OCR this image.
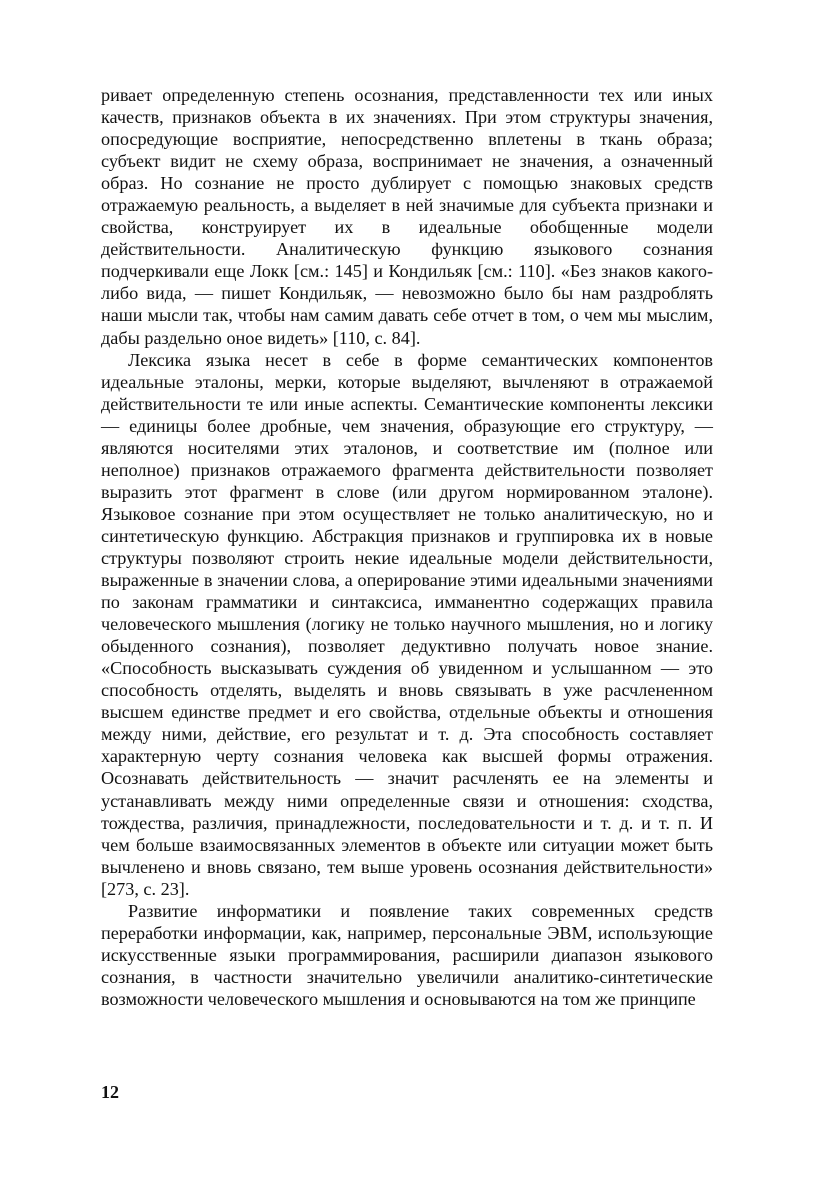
ривает определенную степень осознания, представленности тех или иных качеств, признаков объекта в их значениях. При этом структуры значения, опосредующие восприятие, непосредственно вплетены в ткань образа; субъект видит не схему образа, воспринимает не значения, а означенный образ. Но сознание не просто дублирует с помощью знаковых средств отражаемую реальность, а выделяет в ней значимые для субъекта признаки и свойства, конструирует их в идеальные обобщенные модели действительности. Аналитическую функцию языкового сознания подчеркивали еще Локк [см.: 145] и Кондильяк [см.: 110]. «Без знаков какого-либо вида, — пишет Кондильяк, — невозможно было бы нам раздроблять наши мысли так, чтобы нам самим давать себе отчет в том, о чем мы мыслим, дабы раздельно оное видеть» [110, с. 84].

Лексика языка несет в себе в форме семантических компонентов идеальные эталоны, мерки, которые выделяют, вычленяют в отражаемой действительности те или иные аспекты. Семантические компоненты лексики — единицы более дробные, чем значения, образующие его структуру, — являются носителями этих эталонов, и соответствие им (полное или неполное) признаков отражаемого фрагмента действительности позволяет выразить этот фрагмент в слове (или другом нормированном эталоне). Языковое сознание при этом осуществляет не только аналитическую, но и синтетическую функцию. Абстракция признаков и группировка их в новые структуры позволяют строить некие идеальные модели действительности, выраженные в значении слова, а оперирование этими идеальными значениями по законам грамматики и синтаксиса, имманентно содержащих правила человеческого мышления (логику не только научного мышления, но и логику обыденного сознания), позволяет дедуктивно получать новое знание. «Способность высказывать суждения об увиденном и услышанном — это способность отделять, выделять и вновь связывать в уже расчлененном высшем единстве предмет и его свойства, отдельные объекты и отношения между ними, действие, его результат и т. д. Эта способность составляет характерную черту сознания человека как высшей формы отражения. Осознавать действительность — значит расчленять ее на элементы и устанавливать между ними определенные связи и отношения: сходства, тождества, различия, принадлежности, последовательности и т. д. и т. п. И чем больше взаимосвязанных элементов в объекте или ситуации может быть вычленено и вновь связано, тем выше уровень осознания действительности» [273, с. 23].

Развитие информатики и появление таких современных средств переработки информации, как, например, персональные ЭВМ, использующие искусственные языки программирования, расширили диапазон языкового сознания, в частности значительно увеличили аналитико-синтетические возможности человеческого мышления и основываются на том же принципе

12
